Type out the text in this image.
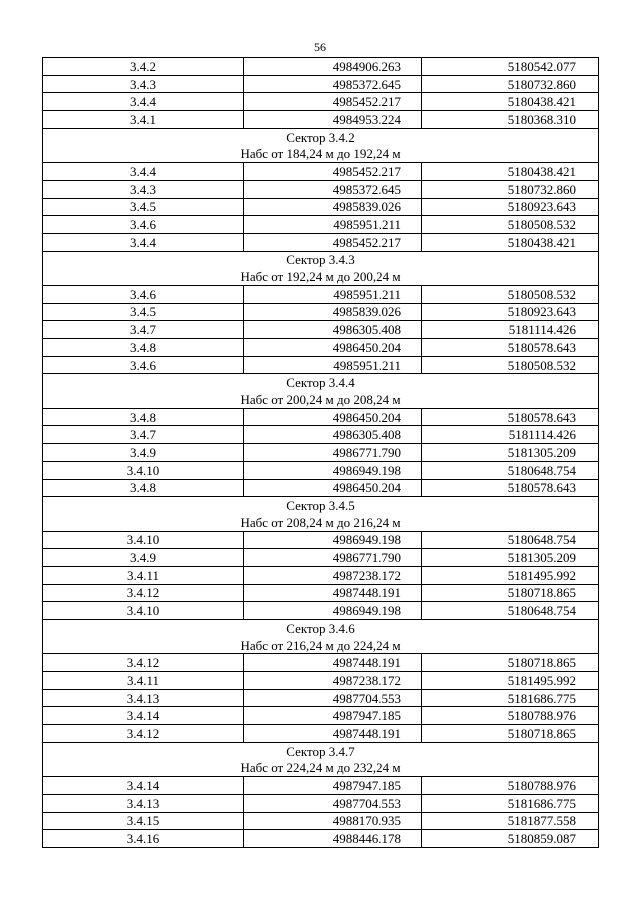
56
3.4.2	4984906.263	5180542.077
3.4.3	4985372.645	5180732.860
3.4.4	4985452.217	5180438.421
3.4.1	4984953.224	5180368.310
Сектор 3.4.2		
Набс от 184,24 м до 192,24 м		
3.4.4	4985452.217	5180438.421
3.4.3	4985372.645	5180732.860
3.4.5	4985839.026	5180923.643
3.4.6	4985951.211	5180508.532
3.4.4	4985452.217	5180438.421
Сектор 3.4.3		
Набс от 192,24 м до 200,24 м		
3.4.6	4985951.211	5180508.532
3.4.5	4985839.026	5180923.643
3.4.7	4986305.408	5181114.426
3.4.8	4986450.204	5180578.643
3.4.6	4985951.211	5180508.532
Сектор 3.4.4		
Набс от 200,24 м до 208,24 м		
3.4.8	4986450.204	5180578.643
3.4.7	4986305.408	5181114.426
3.4.9	4986771.790	5181305.209
3.4.10	4986949.198	5180648.754
3.4.8	4986450.204	5180578.643
Сектор 3.4.5		
Набс от 208,24 м до 216,24 м		
3.4.10	4986949.198	5180648.754
3.4.9	4986771.790	5181305.209
3.4.11	4987238.172	5181495.992
3.4.12	4987448.191	5180718.865
3.4.10	4986949.198	5180648.754
Сектор 3.4.6		
Набс от 216,24 м до 224,24 м		
3.4.12	4987448.191	5180718.865
3.4.11	4987238.172	5181495.992
3.4.13	4987704.553	5181686.775
3.4.14	4987947.185	5180788.976
3.4.12	4987448.191	5180718.865
Сектор 3.4.7		
Набс от 224,24 м до 232,24 м		
3.4.14	4987947.185	5180788.976
3.4.13	4987704.553	5181686.775
3.4.15	4988170.935	5181877.558
3.4.16	4988446.178	5180859.087
